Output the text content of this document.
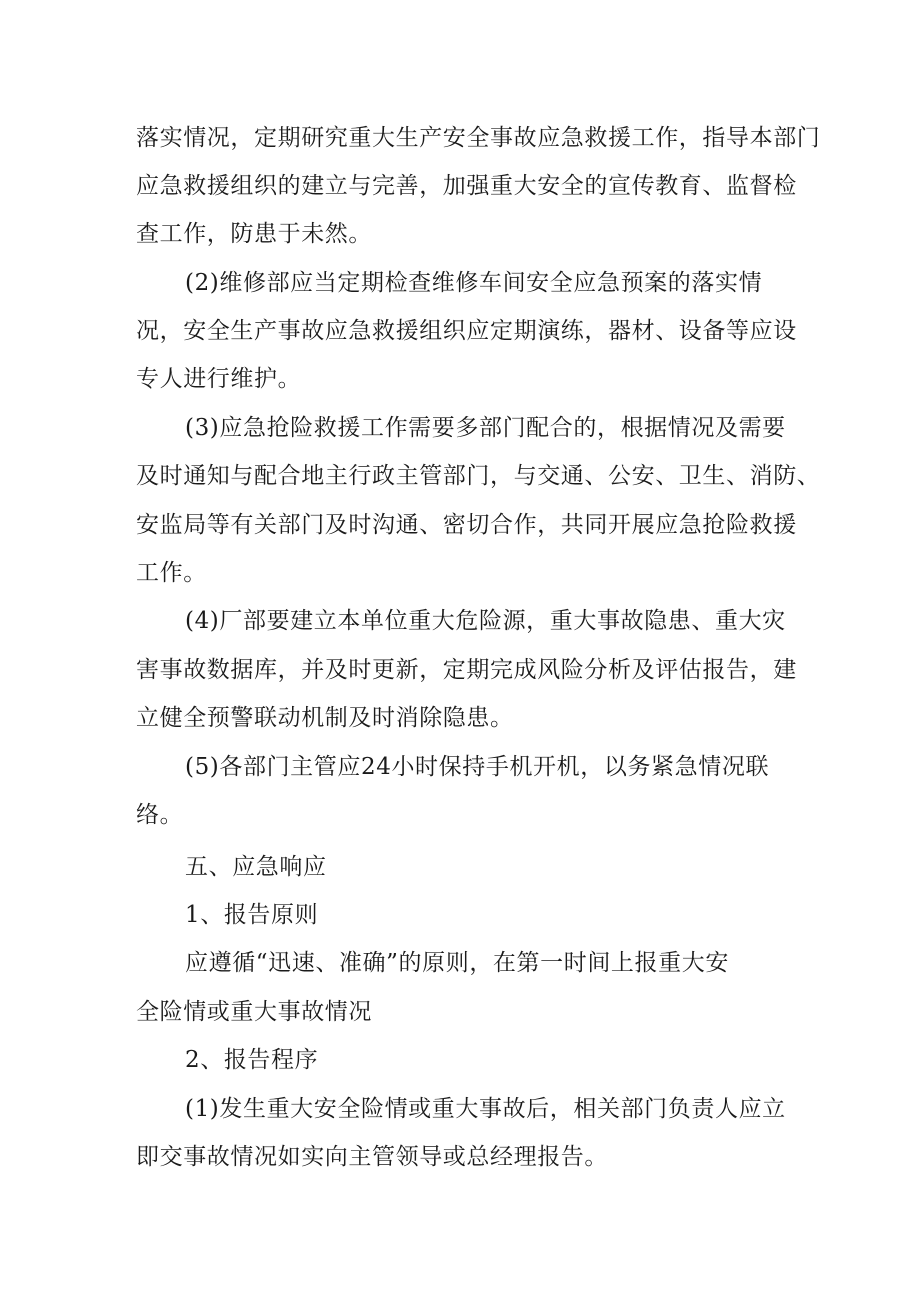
落实情况，定期研究重大生产安全事故应急救援工作，指导本部门
应急救援组织的建立与完善，加强重大安全的宣传教育、监督检
查工作，防患于未然。
(2)维修部应当定期检查维修车间安全应急预案的落实情
况，安全生产事故应急救援组织应定期演练，器材、设备等应设
专人进行维护。
(3)应急抢险救援工作需要多部门配合的，根据情况及需要
及时通知与配合地主行政主管部门，与交通、公安、卫生、消防、
安监局等有关部门及时沟通、密切合作，共同开展应急抢险救援
工作。
(4)厂部要建立本单位重大危险源，重大事故隐患、重大灾
害事故数据库，并及时更新，定期完成风险分析及评估报告，建
立健全预警联动机制及时消除隐患。
(5)各部门主管应24小时保持手机开机，以务紧急情况联
络。
五、应急响应
1、报告原则
应遵循“迅速、准确”的原则，在第一时间上报重大安
全险情或重大事故情况
2、报告程序
(1)发生重大安全险情或重大事故后，相关部门负责人应立
即交事故情况如实向主管领导或总经理报告。
